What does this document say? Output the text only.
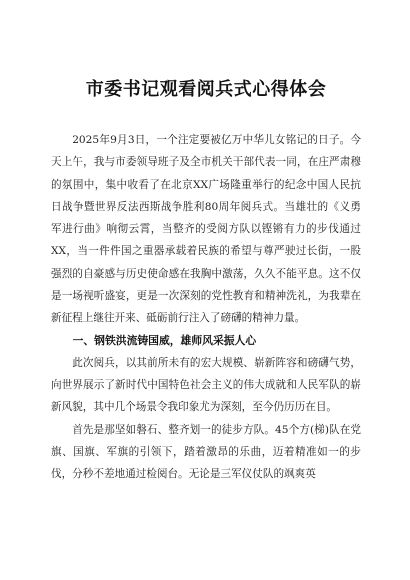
市委书记观看阅兵式心得体会

2025年9月3日，一个注定要被亿万中华儿女铭记的日子。今天上午，我与市委领导班子及全市机关干部代表一同，在庄严肃穆的氛围中，集中收看了在北京XX广场隆重举行的纪念中国人民抗日战争暨世界反法西斯战争胜利80周年阅兵式。当雄壮的《义勇军进行曲》响彻云霄，当整齐的受阅方队以铿锵有力的步伐通过XX，当一件件国之重器承载着民族的希望与尊严驶过长街，一股强烈的自豪感与历史使命感在我胸中激荡，久久不能平息。这不仅是一场视听盛宴，更是一次深刻的党性教育和精神洗礼，为我辈在新征程上继往开来、砥砺前行注入了磅礴的精神力量。

一、钢铁洪流铸国威，雄师风采振人心

此次阅兵，以其前所未有的宏大规模、崭新阵容和磅礴气势，向世界展示了新时代中国特色社会主义的伟大成就和人民军队的崭新风貌，其中几个场景令我印象尤为深刻，至今仍历历在目。

首先是那坚如磐石、整齐划一的徒步方队。45个方(梯)队在党旗、国旗、军旗的引领下，踏着激昂的乐曲，迈着精准如一的步伐，分秒不差地通过检阅台。无论是三军仪仗队的飒爽英
